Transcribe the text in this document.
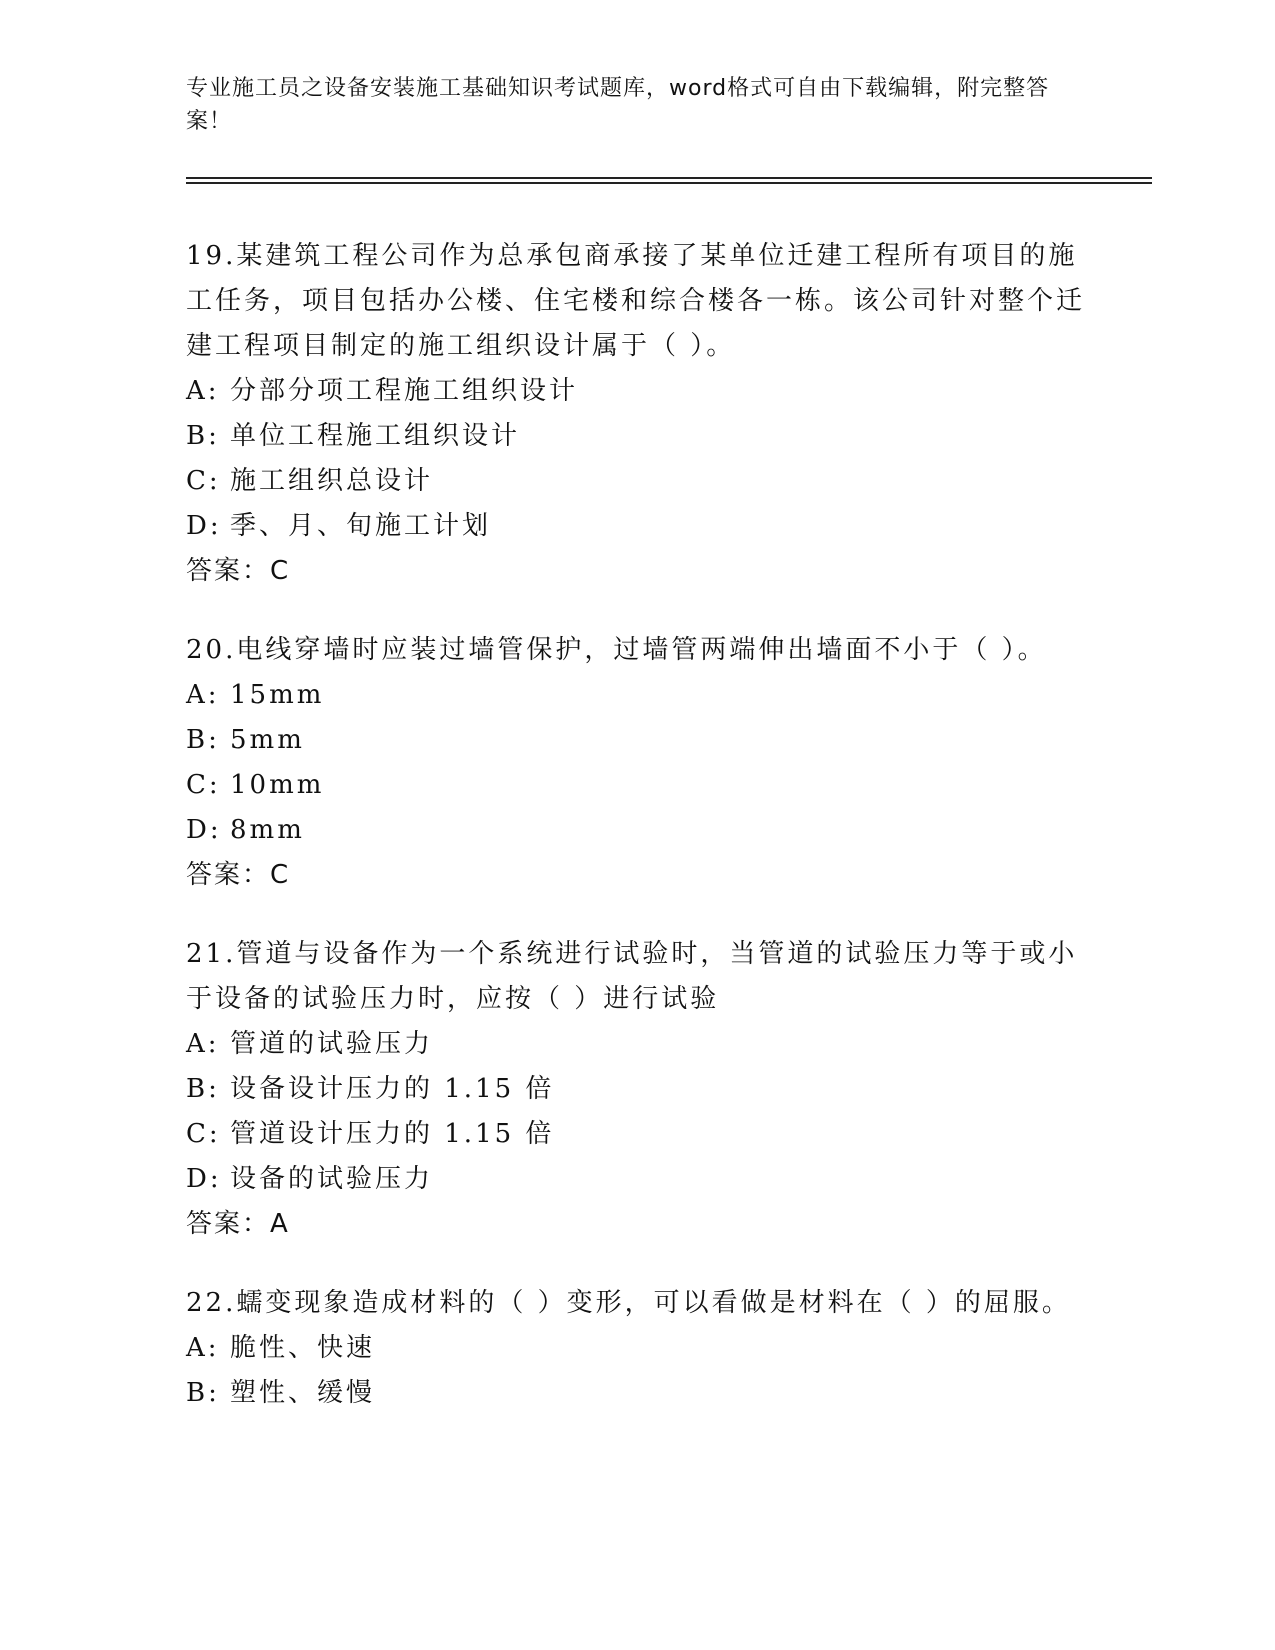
专业施工员之设备安装施工基础知识考试题库，word格式可自由下载编辑，附完整答案！
19.某建筑工程公司作为总承包商承接了某单位迁建工程所有项目的施工任务，项目包括办公楼、住宅楼和综合楼各一栋。该公司针对整个迁建工程项目制定的施工组织设计属于（ ）。
A: 分部分项工程施工组织设计
B: 单位工程施工组织设计
C: 施工组织总设计
D: 季、月、旬施工计划
答案：C
20.电线穿墙时应装过墙管保护，过墙管两端伸出墙面不小于（ ）。
A: 15mm
B: 5mm
C: 10mm
D: 8mm
答案：C
21.管道与设备作为一个系统进行试验时，当管道的试验压力等于或小于设备的试验压力时，应按（ ）进行试验
A: 管道的试验压力
B: 设备设计压力的 1.15 倍
C: 管道设计压力的 1.15 倍
D: 设备的试验压力
答案：A
22.蠕变现象造成材料的（ ）变形，可以看做是材料在（ ）的屈服。
A: 脆性、快速
B: 塑性、缓慢
